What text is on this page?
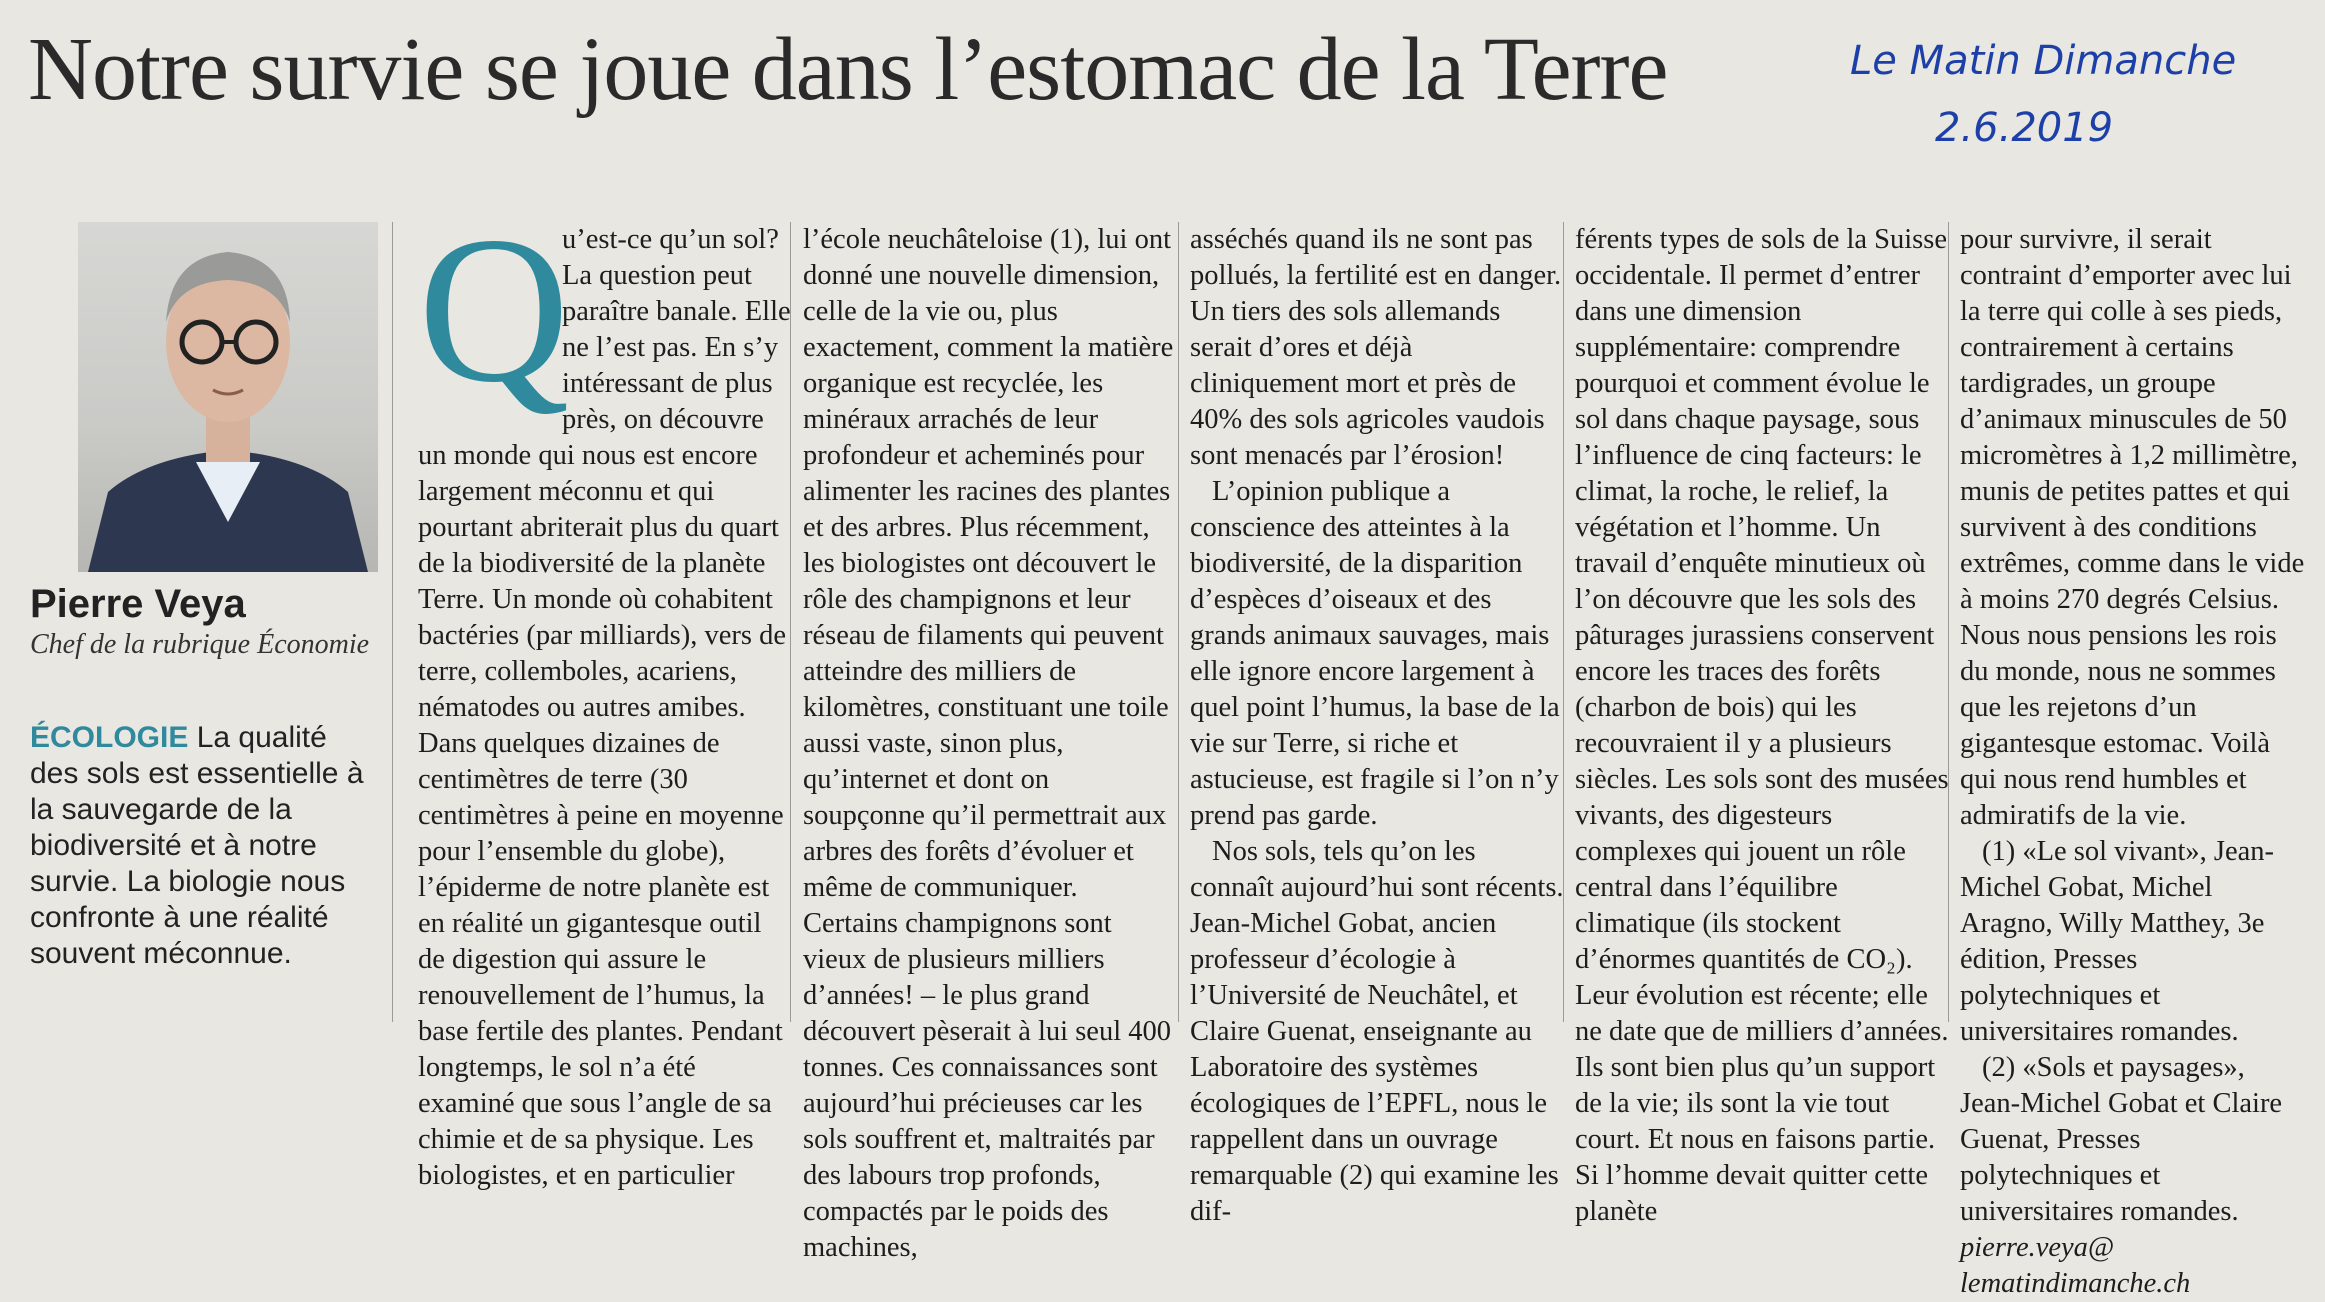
Notre survie se joue dans l’estomac de la Terre	Le Matin Dimanche
2.6.2019
Pierre Veya
Chef de la rubrique Économie
ÉCOLOGIE La qualité des sols est essentielle à la sauvegarde de la biodiversité et à notre survie. La biologie nous confronte à une réalité souvent méconnue.
Q

u’est-ce qu’un sol? La question peut paraître banale. Elle ne l’est pas. En s’y intéressant de plus près, on découvre un monde qui nous est encore largement méconnu et qui pourtant abriterait plus du quart de la biodiversité de la planète Terre. Un monde où cohabitent bactéries (par milliards), vers de terre, collemboles, acariens, nématodes ou autres amibes. Dans quelques dizaines de centimètres de terre (30 centimètres à peine en moyenne pour l’ensemble du globe), l’épiderme de notre planète est en réalité un gigantesque outil de digestion qui assure le renouvellement de l’humus, la base fertile des plantes. Pendant longtemps, le sol n’a été examiné que sous l’angle de sa chimie et de sa physique. Les biologistes, et en particulier

l’école neuchâteloise (1), lui ont donné une nouvelle dimension, celle de la vie ou, plus exactement, comment la matière organique est recyclée, les minéraux arrachés de leur profondeur et acheminés pour alimenter les racines des plantes et des arbres. Plus récemment, les biologistes ont découvert le rôle des champignons et leur réseau de filaments qui peuvent atteindre des milliers de kilomètres, constituant une toile aussi vaste, sinon plus, qu’internet et dont on soupçonne qu’il permettrait aux arbres des forêts d’évoluer et même de communiquer. Certains champignons sont vieux de plusieurs milliers d’années! – le plus grand découvert pèserait à lui seul 400 tonnes. Ces connaissances sont aujourd’hui précieuses car les sols souffrent et, maltraités par des labours trop profonds, compactés par le poids des machines,

asséchés quand ils ne sont pas pollués, la fertilité est en danger. Un tiers des sols allemands serait d’ores et déjà cliniquement mort et près de 40% des sols agricoles vaudois sont menacés par l’érosion!

L’opinion publique a conscience des atteintes à la biodiversité, de la disparition d’espèces d’oiseaux et des grands animaux sauvages, mais elle ignore encore largement à quel point l’humus, la base de la vie sur Terre, si riche et astucieuse, est fragile si l’on n’y prend pas garde.

Nos sols, tels qu’on les connaît aujourd’hui sont récents. Jean-Michel Gobat, ancien professeur d’écologie à l’Université de Neuchâtel, et Claire Guenat, enseignante au Laboratoire des systèmes écologiques de l’EPFL, nous le rappellent dans un ouvrage remarquable (2) qui examine les dif-

férents types de sols de la Suisse occidentale. Il permet d’entrer dans une dimension supplémentaire: comprendre pourquoi et comment évolue le sol dans chaque paysage, sous l’influence de cinq facteurs: le climat, la roche, le relief, la végétation et l’homme. Un travail d’enquête minutieux où l’on découvre que les sols des pâturages jurassiens conservent encore les traces des forêts (charbon de bois) qui les recouvraient il y a plusieurs siècles. Les sols sont des musées vivants, des digesteurs complexes qui jouent un rôle central dans l’équilibre climatique (ils stockent d’énormes quantités de CO₂). Leur évolution est récente; elle ne date que de milliers d’années. Ils sont bien plus qu’un support de la vie; ils sont la vie tout court. Et nous en faisons partie. Si l’homme devait quitter cette planète

pour survivre, il serait contraint d’emporter avec lui la terre qui colle à ses pieds, contrairement à certains tardigrades, un groupe d’animaux minuscules de 50 micromètres à 1,2 millimètre, munis de petites pattes et qui survivent à des conditions extrêmes, comme dans le vide à moins 270 degrés Celsius. Nous nous pensions les rois du monde, nous ne sommes que les rejetons d’un gigantesque estomac. Voilà qui nous rend humbles et admiratifs de la vie.

(1) «Le sol vivant», Jean-Michel Gobat, Michel Aragno, Willy Matthey, 3e édition, Presses polytechniques et universitaires romandes.

(2) «Sols et paysages», Jean-Michel Gobat et Claire Guenat, Presses polytechniques et universitaires romandes.

pierre.veya@ lematindimanche.ch
